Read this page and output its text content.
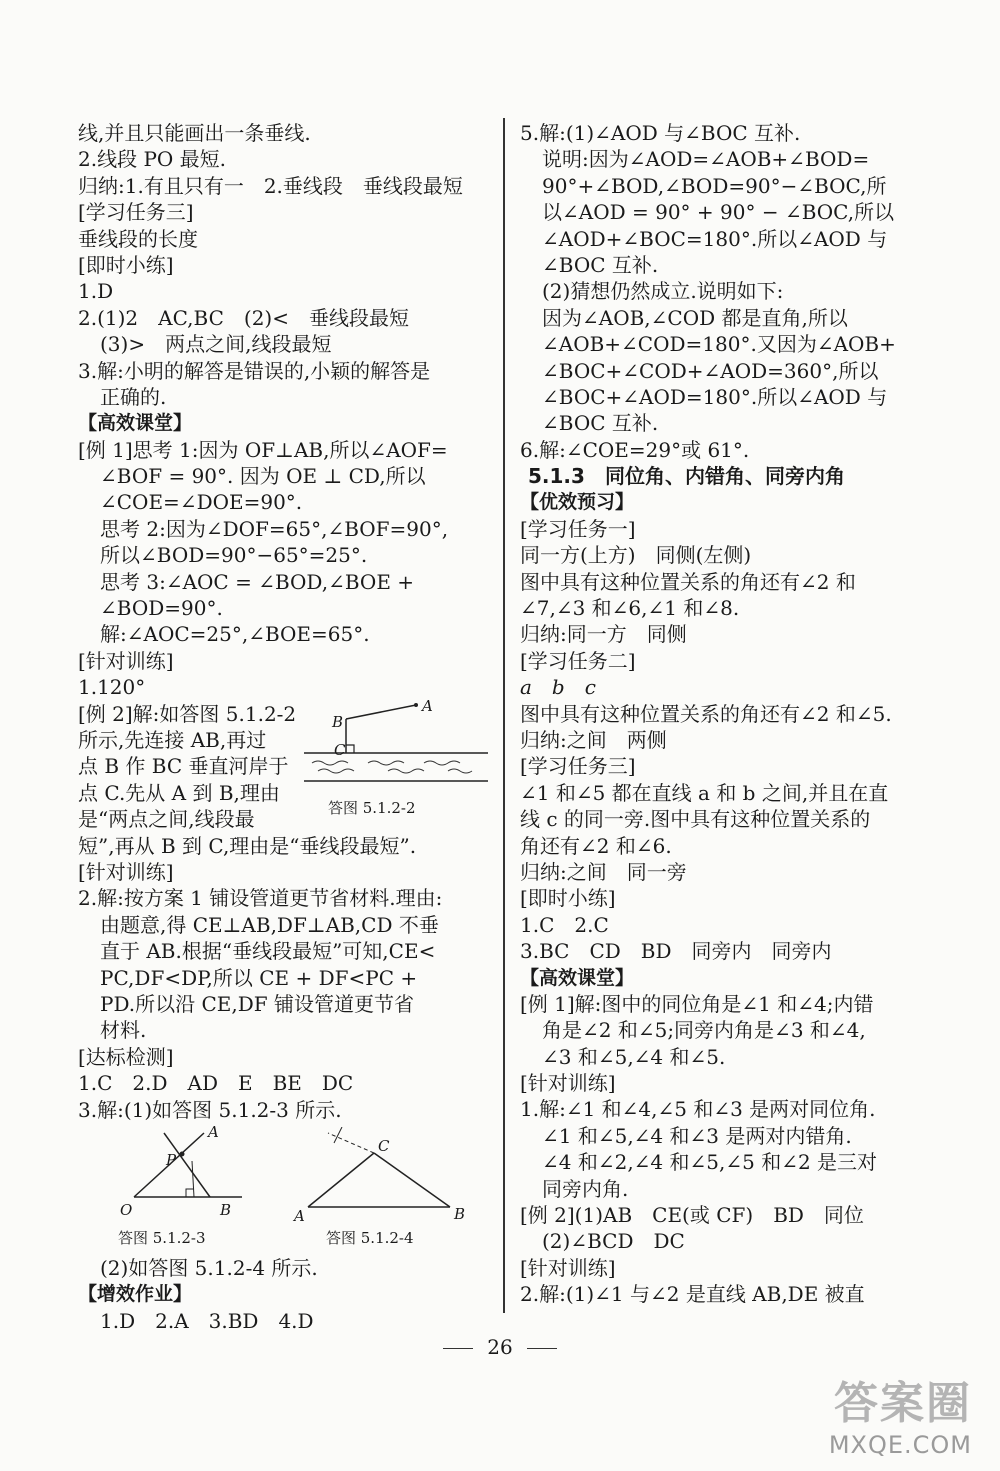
线,并且只能画出一条垂线.
2.线段 PO 最短.
归纳:1.有且只有一　2.垂线段　垂线段最短
[学习任务三]
垂线段的长度
[即时小练]
1.D
2.(1)2　AC,BC　(2)<　垂线段最短
(3)>　两点之间,线段最短
3.解:小明的解答是错误的,小颖的解答是
正确的.
【高效课堂】
[例 1]思考 1:因为 OF⊥AB,所以∠AOF=
∠BOF = 90°. 因为 OE ⊥ CD,所以
∠COE=∠DOE=90°.
思考 2:因为∠DOF=65°,∠BOF=90°,
所以∠BOD=90°−65°=25°.
思考 3:∠AOC = ∠BOD,∠BOE +
∠BOD=90°.
解:∠AOC=25°,∠BOE=65°.
[针对训练]
1.120°
[例 2]解:如答图 5.1.2-2
所示,先连接 AB,再过
点 B 作 BC 垂直河岸于
点 C.先从 A 到 B,理由
是“两点之间,线段最
B
A
C
答图 5.1.2-2
短”,再从 B 到 C,理由是“垂线段最短”.
[针对训练]
2.解:按方案 1 铺设管道更节省材料.理由:
由题意,得 CE⊥AB,DF⊥AB,CD 不垂
直于 AB.根据“垂线段最短”可知,CE<
PC,DF<DP,所以 CE + DF<PC +
PD.所以沿 CE,DF 铺设管道更节省
材料.
[达标检测]
1.C　2.D　AD　E　BE　DC
3.解:(1)如答图 5.1.2-3 所示.
P
A
O	B
答图 5.1.2-3
C
A	B
答图 5.1.2-4
(2)如答图 5.1.2-4 所示.
【增效作业】
1.D　2.A　3.BD　4.D
5.解:(1)∠AOD 与∠BOC 互补.
说明:因为∠AOD=∠AOB+∠BOD=
90°+∠BOD,∠BOD=90°−∠BOC,所
以∠AOD = 90° + 90° − ∠BOC,所以
∠AOD+∠BOC=180°.所以∠AOD 与
∠BOC 互补.
(2)猜想仍然成立.说明如下:
因为∠AOB,∠COD 都是直角,所以
∠AOB+∠COD=180°.又因为∠AOB+
∠BOC+∠COD+∠AOD=360°,所以
∠BOC+∠AOD=180°.所以∠AOD 与
∠BOC 互补.
6.解:∠COE=29°或 61°.
5.1.3　同位角、内错角、同旁内角
【优效预习】
[学习任务一]
同一方(上方)　同侧(左侧)
图中具有这种位置关系的角还有∠2 和
∠7,∠3 和∠6,∠1 和∠8.
归纳:同一方　同侧
[学习任务二]
a　b　c
图中具有这种位置关系的角还有∠2 和∠5.
归纳:之间　两侧
[学习任务三]
∠1 和∠5 都在直线 a 和 b 之间,并且在直
线 c 的同一旁.图中具有这种位置关系的
角还有∠2 和∠6.
归纳:之间　同一旁
[即时小练]
1.C　2.C
3.BC　CD　BD　同旁内　同旁内
【高效课堂】
[例 1]解:图中的同位角是∠1 和∠4;内错
角是∠2 和∠5;同旁内角是∠3 和∠4,
∠3 和∠5,∠4 和∠5.
[针对训练]
1.解:∠1 和∠4,∠5 和∠3 是两对同位角.
∠1 和∠5,∠4 和∠3 是两对内错角.
∠4 和∠2,∠4 和∠5,∠5 和∠2 是三对
同旁内角.
[例 2](1)AB　CE(或 CF)　BD　同位
(2)∠BCD　DC
[针对训练]
2.解:(1)∠1 与∠2 是直线 AB,DE 被直
26
答案圈
MXQE.COM
